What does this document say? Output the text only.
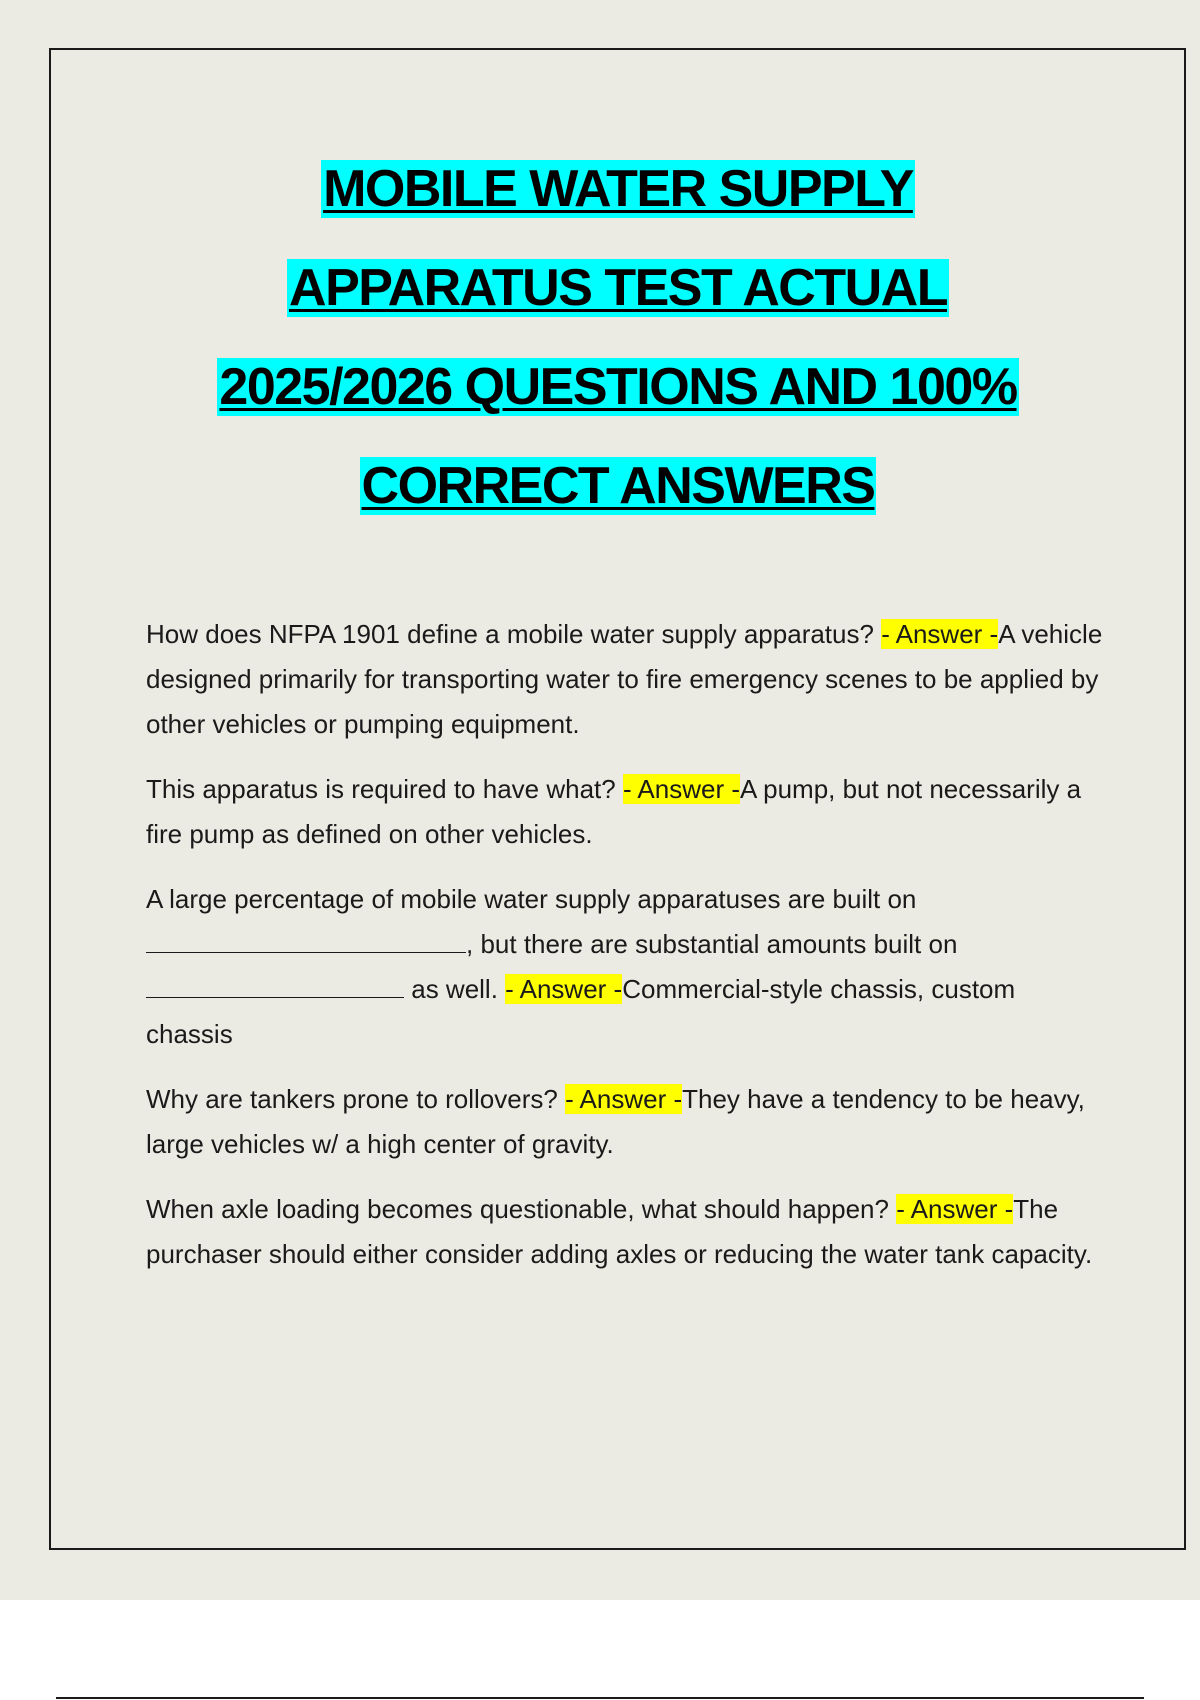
MOBILE WATER SUPPLY
APPARATUS TEST ACTUAL
2025/2026 QUESTIONS AND 100%
CORRECT ANSWERS

How does NFPA 1901 define a mobile water supply apparatus? - Answer -A vehicle designed primarily for transporting water to fire emergency scenes to be applied by other vehicles or pumping equipment.

This apparatus is required to have what? - Answer -A pump, but not necessarily a fire pump as defined on other vehicles.

A large percentage of mobile water supply apparatuses are built on , but there are substantial amounts built on  as well. - Answer -Commercial-style chassis, custom chassis

Why are tankers prone to rollovers? - Answer -They have a tendency to be heavy, large vehicles w/ a high center of gravity.

When axle loading becomes questionable, what should happen? - Answer -The purchaser should either consider adding axles or reducing the water tank capacity.
